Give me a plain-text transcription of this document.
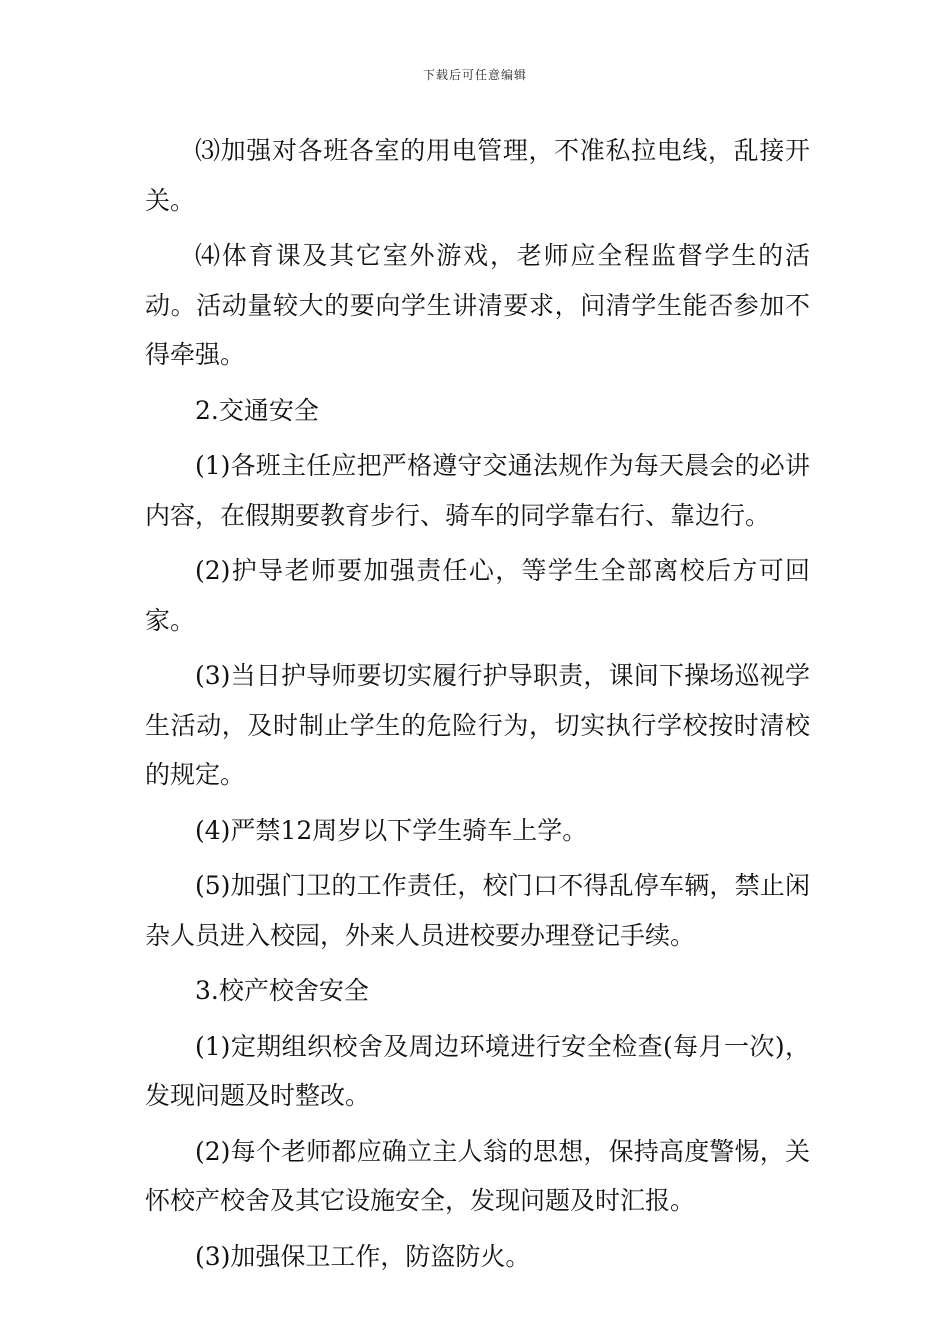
下载后可任意编辑

⑶加强对各班各室的用电管理，不准私拉电线，乱接开关。

⑷体育课及其它室外游戏，老师应全程监督学生的活动。活动量较大的要向学生讲清要求，问清学生能否参加不得牵强。

2.交通安全

(1)各班主任应把严格遵守交通法规作为每天晨会的必讲内容，在假期要教育步行、骑车的同学靠右行、靠边行。

(2)护导老师要加强责任心，等学生全部离校后方可回家。

(3)当日护导师要切实履行护导职责，课间下操场巡视学生活动，及时制止学生的危险行为，切实执行学校按时清校的规定。

(4)严禁12周岁以下学生骑车上学。

(5)加强门卫的工作责任，校门口不得乱停车辆，禁止闲杂人员进入校园，外来人员进校要办理登记手续。

3.校产校舍安全

(1)定期组织校舍及周边环境进行安全检查(每月一次)，发现问题及时整改。

(2)每个老师都应确立主人翁的思想，保持高度警惕，关怀校产校舍及其它设施安全，发现问题及时汇报。

(3)加强保卫工作，防盗防火。
